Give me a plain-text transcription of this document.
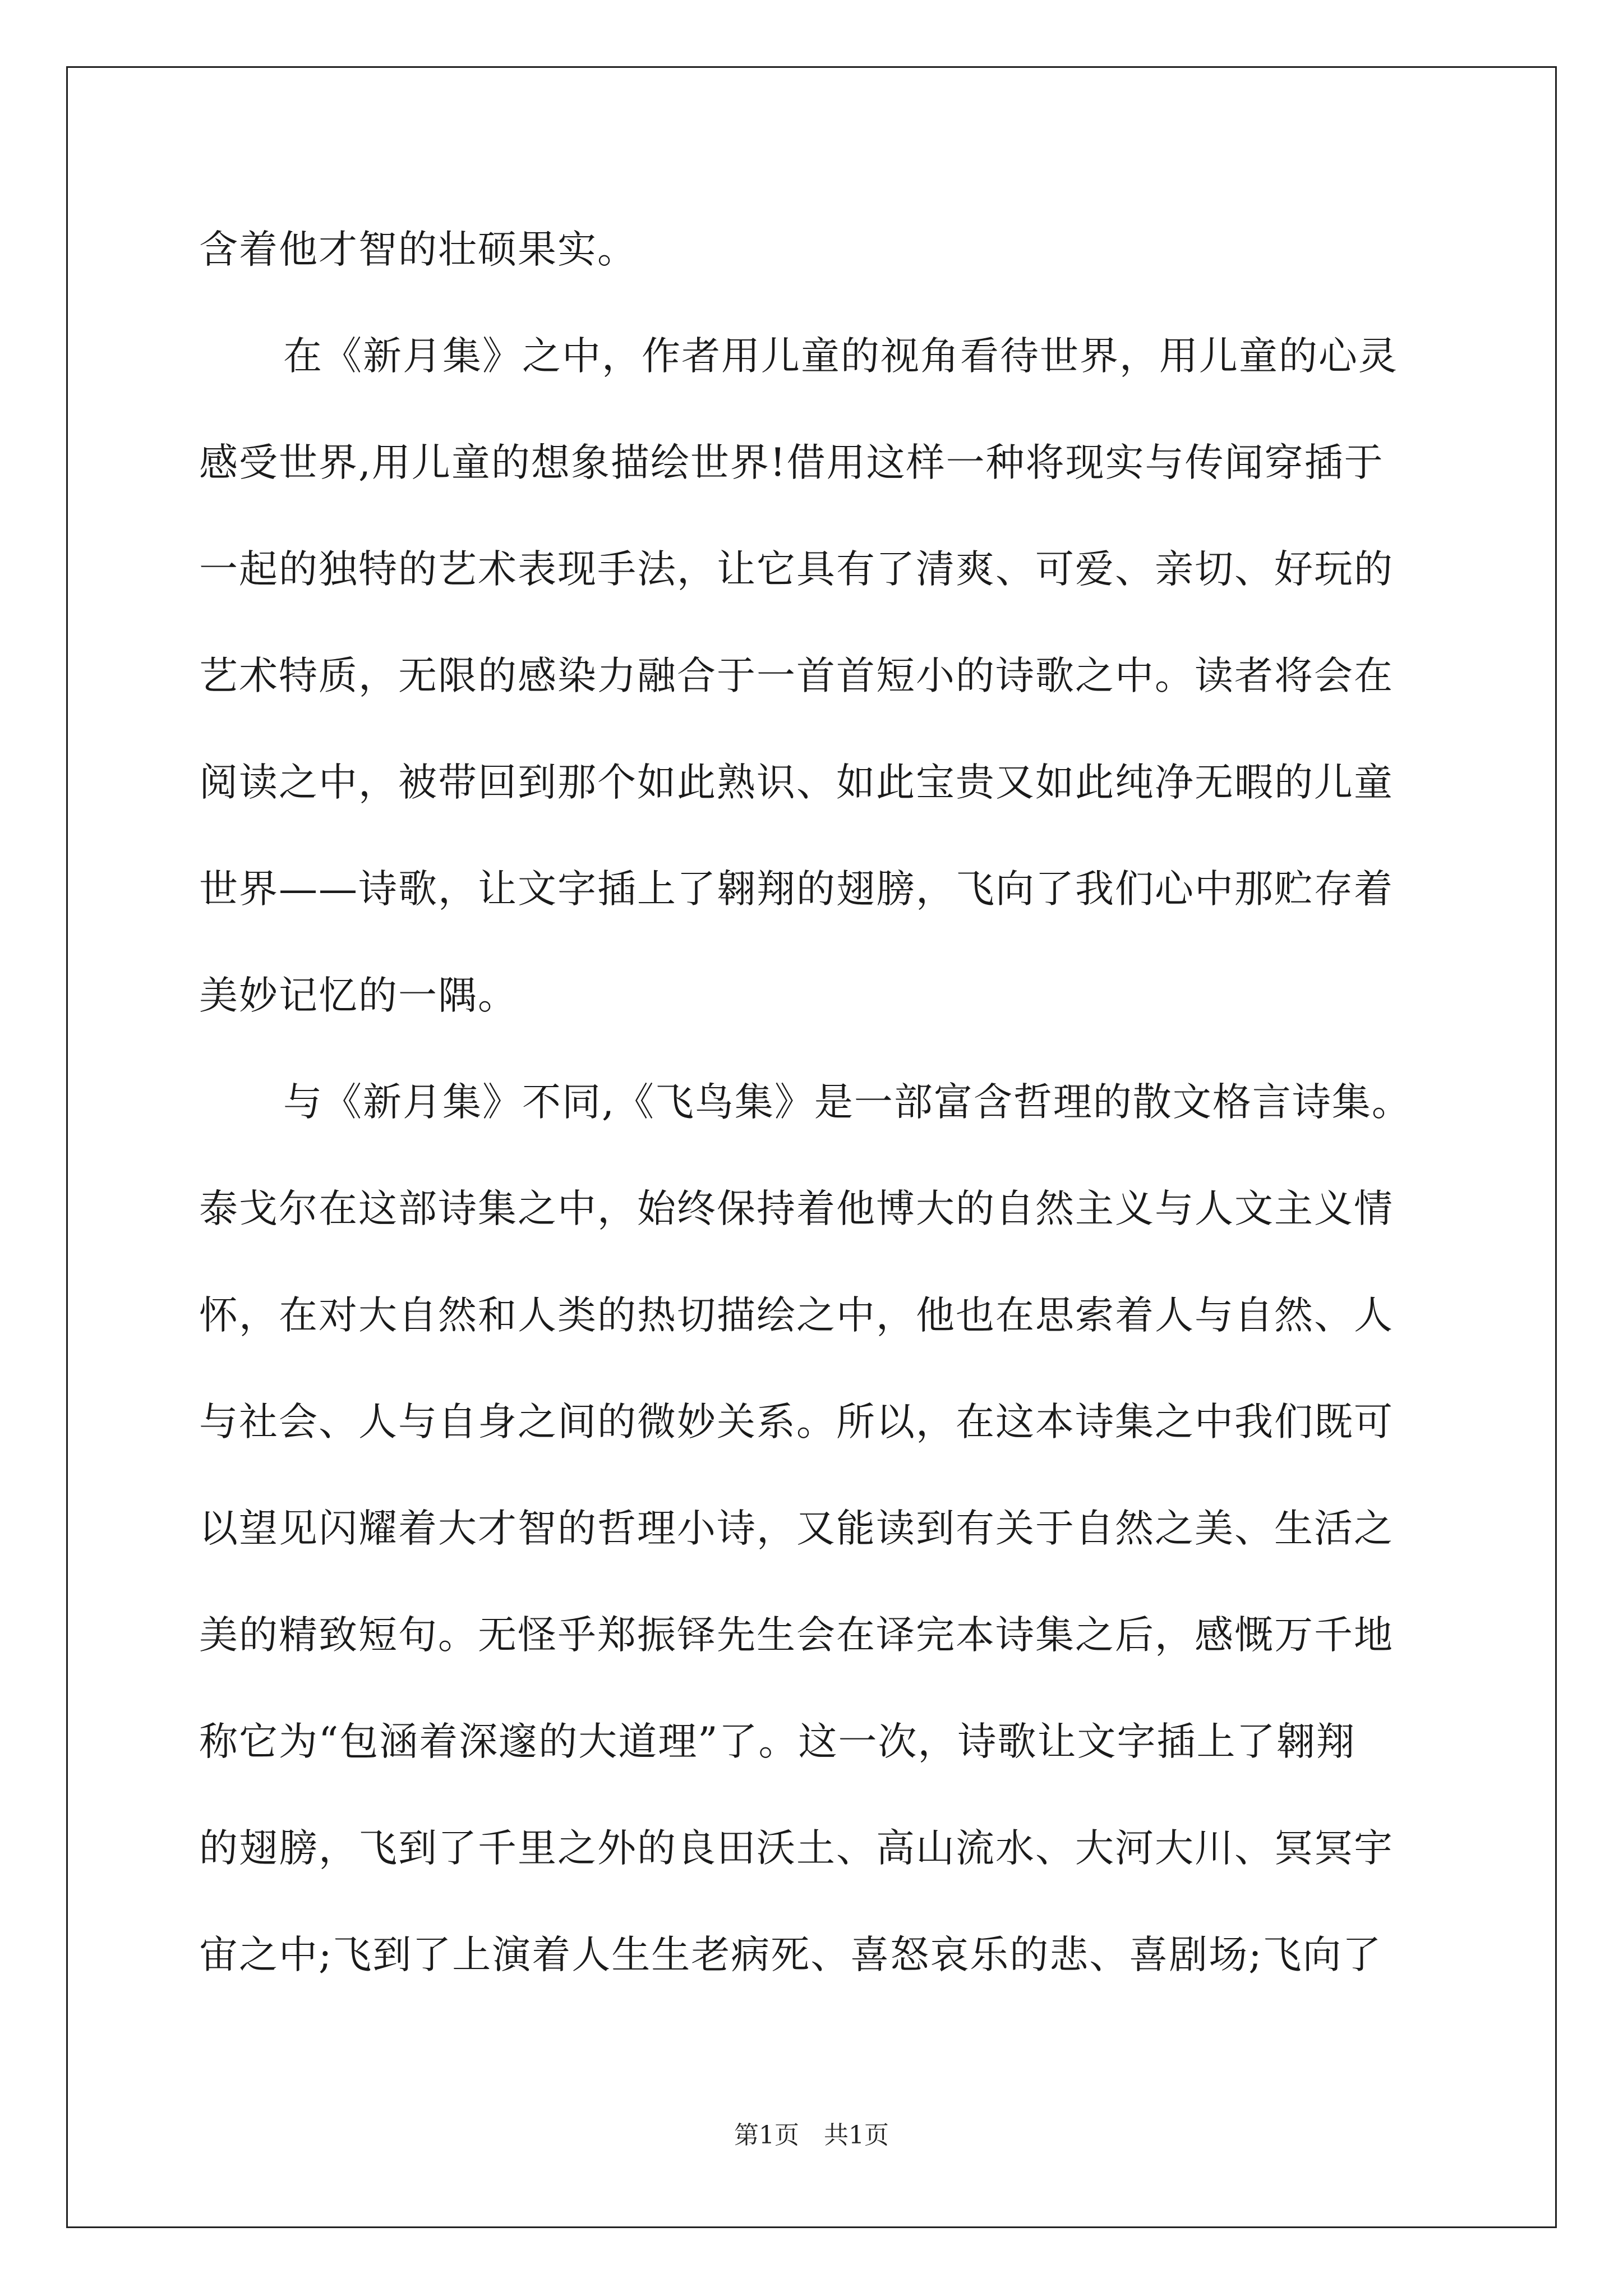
含着他才智的壮硕果实。
在《新月集》之中，作者用儿童的视角看待世界，用儿童的心灵
感受世界,用儿童的想象描绘世界!借用这样一种将现实与传闻穿插于
一起的独特的艺术表现手法，让它具有了清爽、可爱、亲切、好玩的
艺术特质，无限的感染力融合于一首首短小的诗歌之中。读者将会在
阅读之中，被带回到那个如此熟识、如此宝贵又如此纯净无暇的儿童
世界——诗歌，让文字插上了翱翔的翅膀，飞向了我们心中那贮存着
美妙记忆的一隅。
与《新月集》不同,《飞鸟集》是一部富含哲理的散文格言诗集。
泰戈尔在这部诗集之中，始终保持着他博大的自然主义与人文主义情
怀，在对大自然和人类的热切描绘之中，他也在思索着人与自然、人
与社会、人与自身之间的微妙关系。所以，在这本诗集之中我们既可
以望见闪耀着大才智的哲理小诗，又能读到有关于自然之美、生活之
美的精致短句。无怪乎郑振铎先生会在译完本诗集之后，感慨万千地
称它为“包涵着深邃的大道理”了。这一次，诗歌让文字插上了翱翔
的翅膀，飞到了千里之外的良田沃土、高山流水、大河大川、冥冥宇
宙之中;飞到了上演着人生生老病死、喜怒哀乐的悲、喜剧场;飞向了
第1页　共1页
